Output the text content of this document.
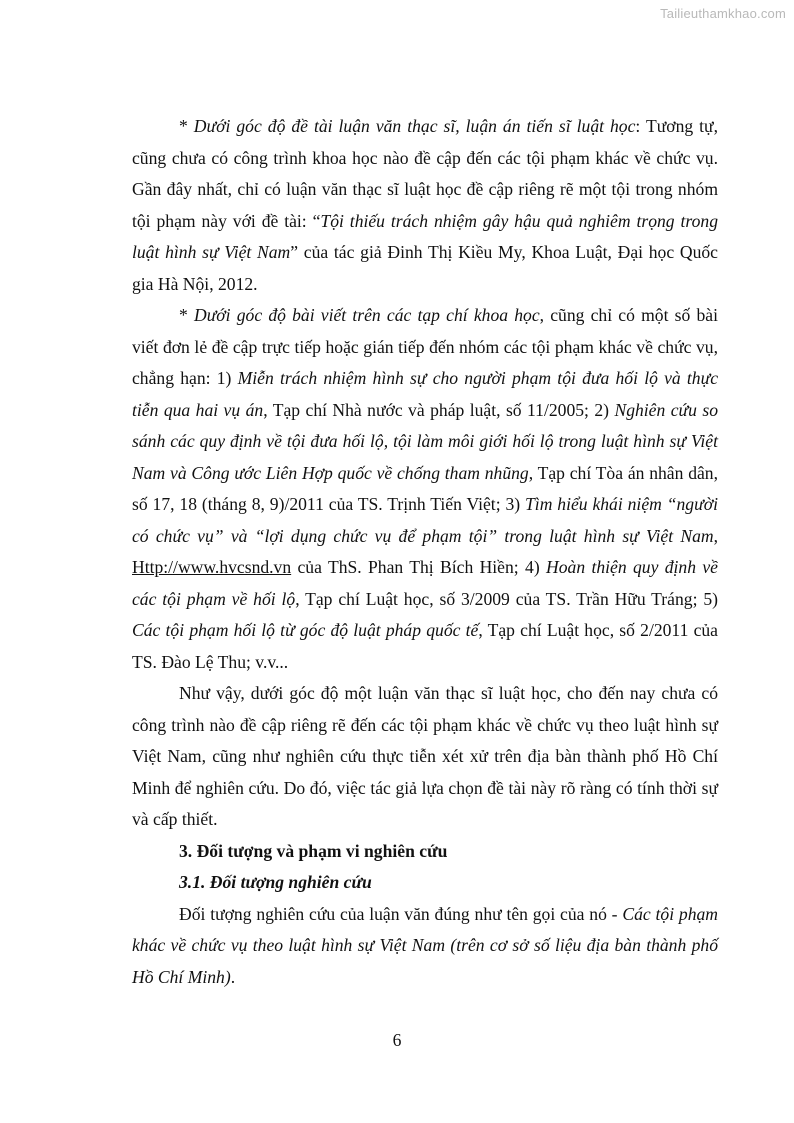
Tailieuthamkhao.com

* Dưới góc độ đề tài luận văn thạc sĩ, luận án tiến sĩ luật học: Tương tự, cũng chưa có công trình khoa học nào đề cập đến các tội phạm khác về chức vụ. Gần đây nhất, chỉ có luận văn thạc sĩ luật học đề cập riêng rẽ một tội trong nhóm tội phạm này với đề tài: “Tội thiếu trách nhiệm gây hậu quả nghiêm trọng trong luật hình sự Việt Nam” của tác giả Đinh Thị Kiều My, Khoa Luật, Đại học Quốc gia Hà Nội, 2012.

* Dưới góc độ bài viết trên các tạp chí khoa học, cũng chỉ có một số bài viết đơn lẻ đề cập trực tiếp hoặc gián tiếp đến nhóm các tội phạm khác về chức vụ, chẳng hạn: 1) Miễn trách nhiệm hình sự cho người phạm tội đưa hối lộ và thực tiễn qua hai vụ án, Tạp chí Nhà nước và pháp luật, số 11/2005; 2) Nghiên cứu so sánh các quy định về tội đưa hối lộ, tội làm môi giới hối lộ trong luật hình sự Việt Nam và Công ước Liên Hợp quốc về chống tham nhũng, Tạp chí Tòa án nhân dân, số 17, 18 (tháng 8, 9)/2011 của TS. Trịnh Tiến Việt; 3) Tìm hiểu khái niệm “người có chức vụ” và “lợi dụng chức vụ để phạm tội” trong luật hình sự Việt Nam, Http://www.hvcsnd.vn của ThS. Phan Thị Bích Hiền; 4) Hoàn thiện quy định về các tội phạm về hối lộ, Tạp chí Luật học, số 3/2009 của TS. Trần Hữu Tráng; 5) Các tội phạm hối lộ từ góc độ luật pháp quốc tế, Tạp chí Luật học, số 2/2011 của TS. Đào Lệ Thu; v.v...

Như vậy, dưới góc độ một luận văn thạc sĩ luật học, cho đến nay chưa có công trình nào đề cập riêng rẽ đến các tội phạm khác về chức vụ theo luật hình sự Việt Nam, cũng như nghiên cứu thực tiễn xét xử trên địa bàn thành phố Hồ Chí Minh để nghiên cứu. Do đó, việc tác giả lựa chọn đề tài này rõ ràng có tính thời sự và cấp thiết.

3. Đối tượng và phạm vi nghiên cứu

3.1. Đối tượng nghiên cứu

Đối tượng nghiên cứu của luận văn đúng như tên gọi của nó - Các tội phạm khác về chức vụ theo luật hình sự Việt Nam (trên cơ sở số liệu địa bàn thành phố Hồ Chí Minh).

6
